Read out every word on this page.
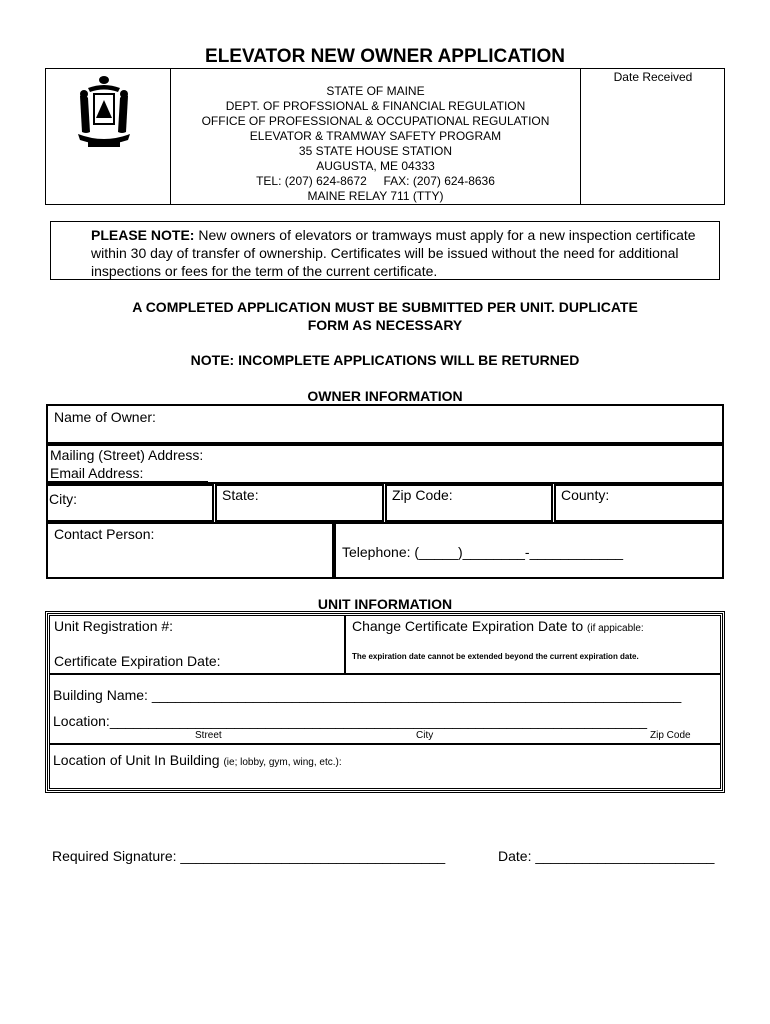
ELEVATOR NEW OWNER APPLICATION
STATE OF MAINE
DEPT. OF PROFSSIONAL & FINANCIAL REGULATION
OFFICE OF PROFESSIONAL & OCCUPATIONAL REGULATION
ELEVATOR & TRAMWAY SAFETY PROGRAM
35 STATE HOUSE STATION
AUGUSTA, ME 04333
TEL: (207) 624-8672     FAX: (207) 624-8636
MAINE RELAY 711 (TTY)
Date Received
PLEASE NOTE: New owners of elevators or tramways must apply for a new inspection certificate within 30 day of transfer of ownership. Certificates will be issued without the need for additional inspections or fees for the term of the current certificate.
A COMPLETED APPLICATION MUST BE SUBMITTED PER UNIT. DUPLICATE
FORM AS NECESSARY
NOTE: INCOMPLETE APPLICATIONS WILL BE RETURNED
OWNER INFORMATION
Name of Owner:
Mailing (Street) Address:
Email Address:
City:	State:	Zip Code:	County:
Contact Person:
Telephone: (_____)________-____________
UNIT INFORMATION
Unit Registration #:
Certificate Expiration Date:
Change Certificate Expiration Date to (if appicable:
The expiration date cannot be extended beyond the current expiration date.
Building Name: ____________________________________________________________________
Location:_____________________________________________________________________
Street	City	Zip Code
Location of Unit In Building (ie; lobby, gym, wing, etc.):
Required Signature: __________________________________	Date: _______________________
